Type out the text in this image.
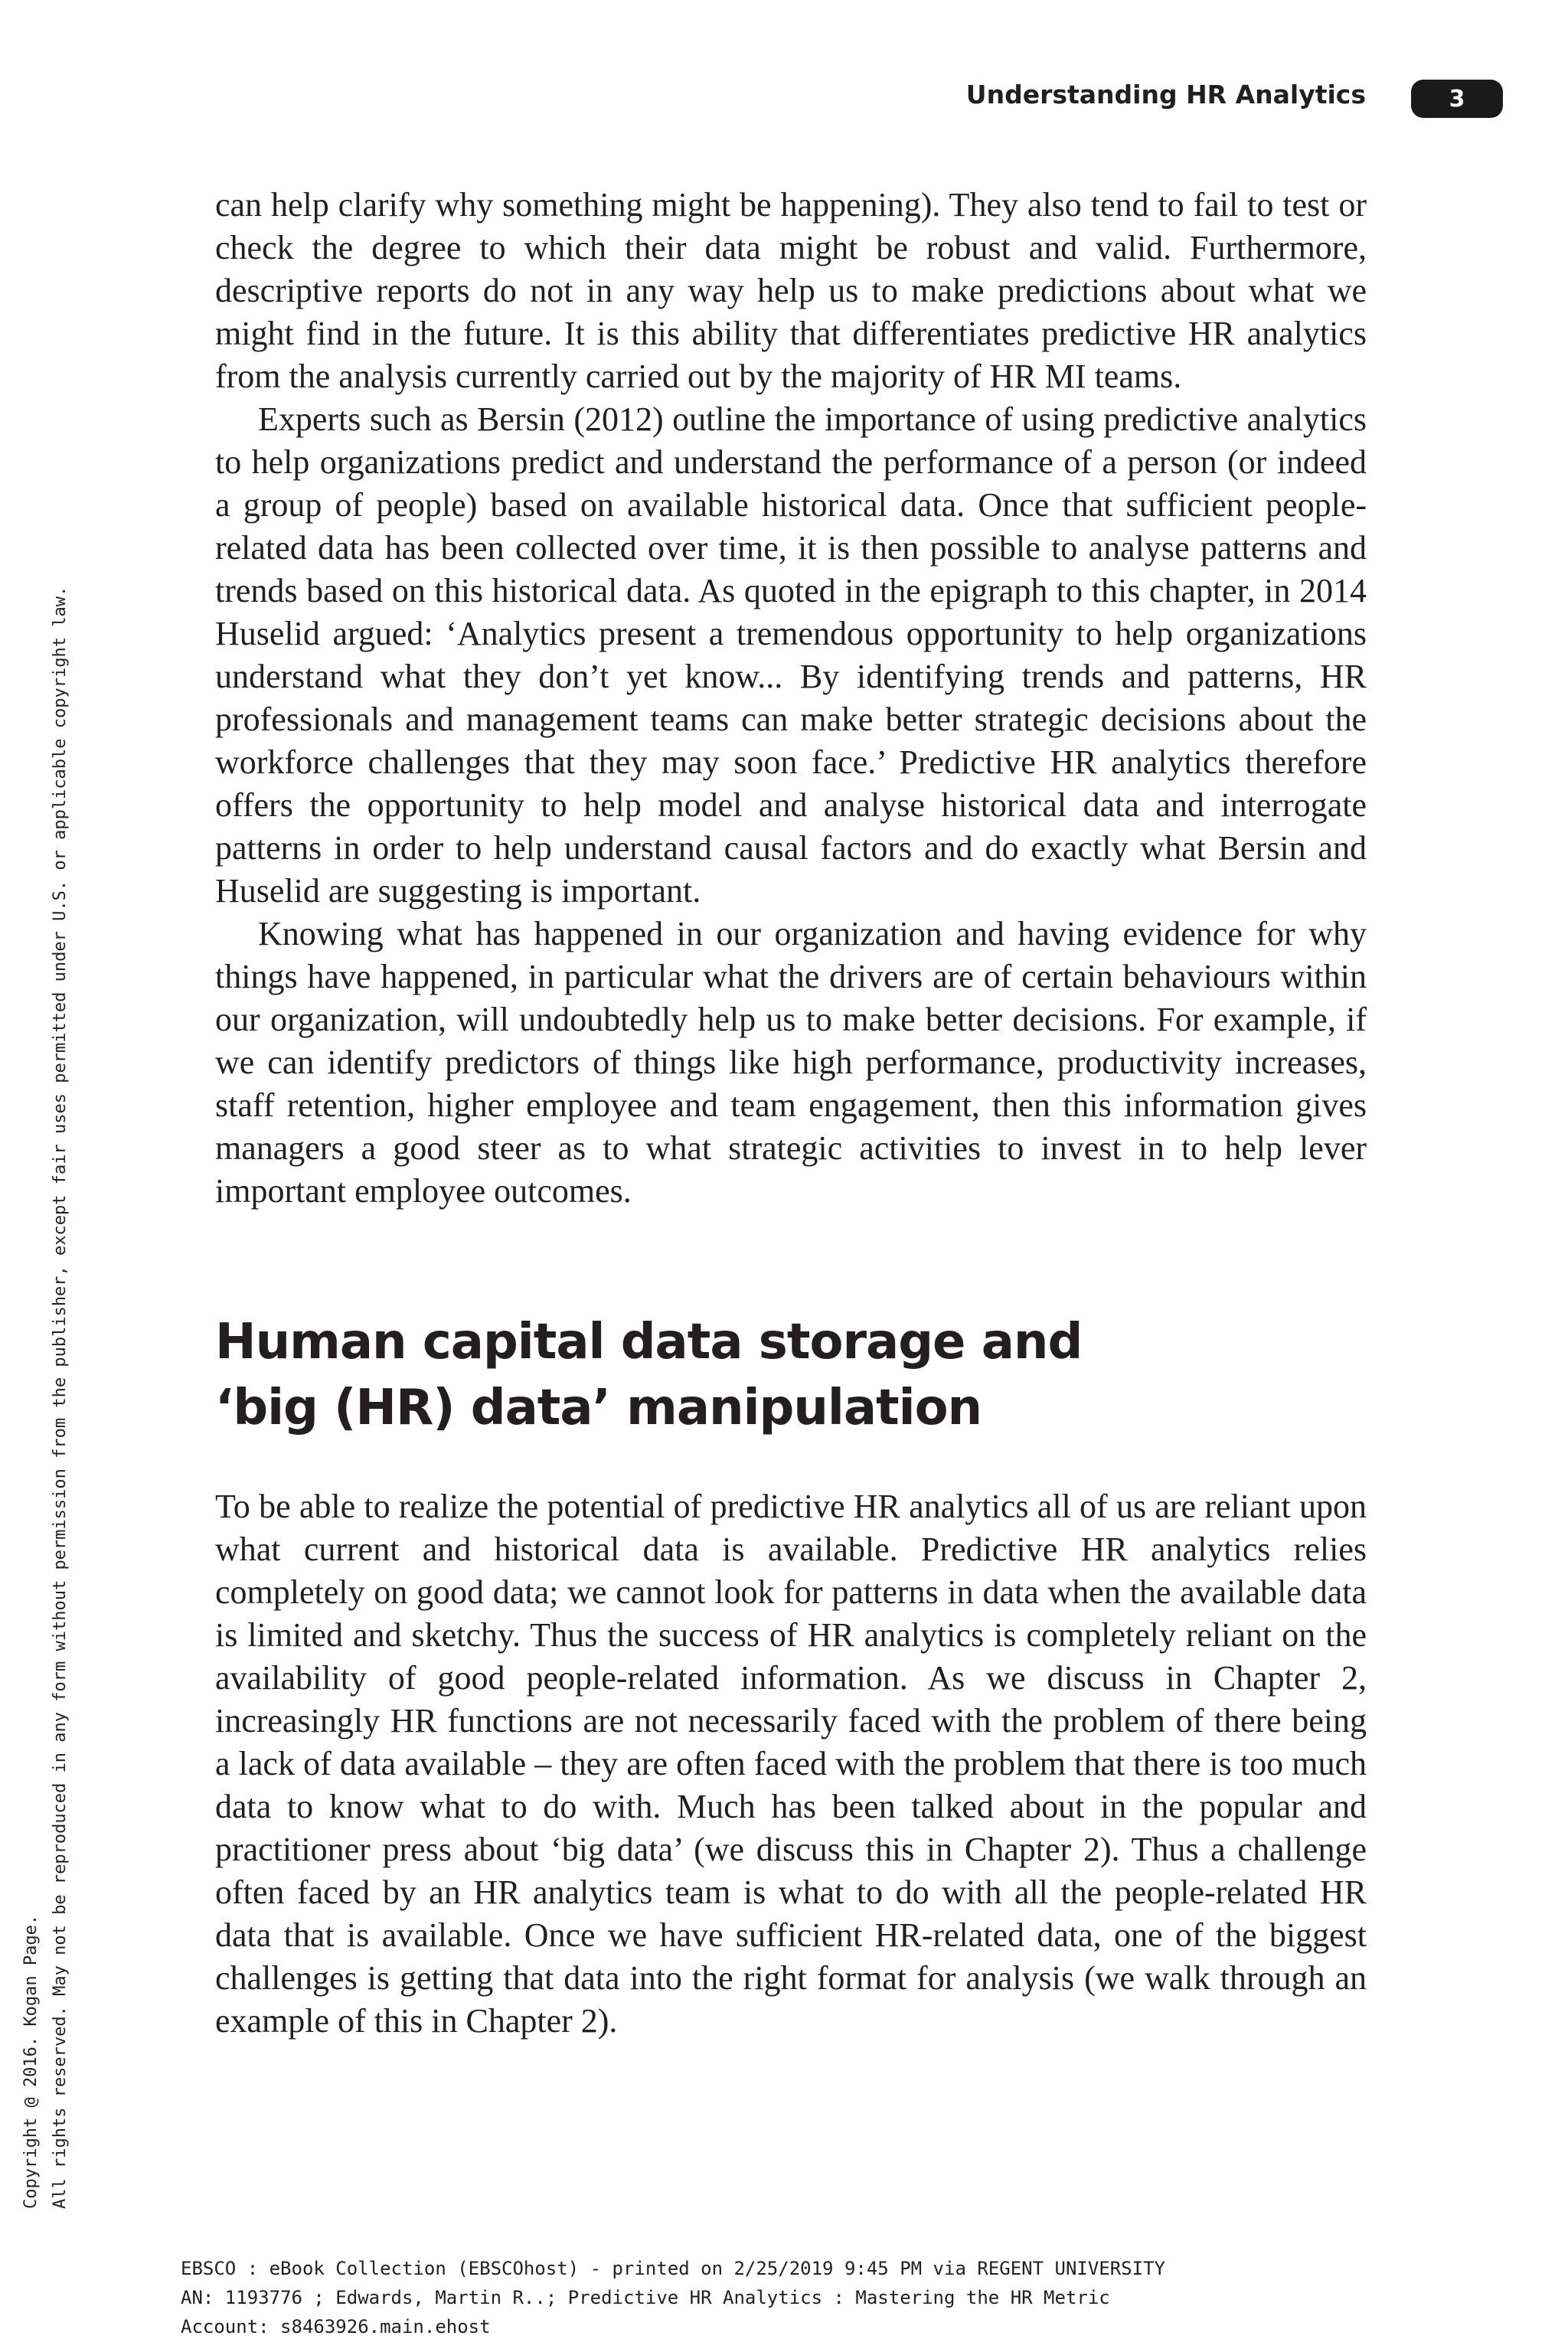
Understanding HR Analytics	3
Copyright @ 2016. Kogan Page. All rights reserved. May not be reproduced in any form without permission from the publisher, except fair uses permitted under U.S. or applicable copyright law.

can help clarify why something might be happening). They also tend to fail to test or check the degree to which their data might be robust and valid. Furthermore, descriptive reports do not in any way help us to make predictions about what we might find in the future. It is this ability that differentiates predictive HR analytics from the analysis currently carried out by the majority of HR MI teams.

Experts such as Bersin (2012) outline the importance of using predictive analytics to help organizations predict and understand the performance of a person (or indeed a group of people) based on available historical data. Once that sufficient people-related data has been collected over time, it is then possible to analyse patterns and trends based on this historical data. As quoted in the epigraph to this chapter, in 2014 Huselid argued: ‘Analytics present a tremendous opportunity to help organizations understand what they don’t yet know... By identifying trends and patterns, HR professionals and management teams can make better strategic decisions about the workforce challenges that they may soon face.’ Predictive HR analytics therefore offers the opportunity to help model and analyse historical data and interrogate patterns in order to help understand causal factors and do exactly what Bersin and Huselid are suggesting is important.

Knowing what has happened in our organization and having evidence for why things have happened, in particular what the drivers are of certain behaviours within our organization, will undoubtedly help us to make better decisions. For example, if we can identify predictors of things like high performance, productivity increases, staff retention, higher employee and team engagement, then this information gives managers a good steer as to what strategic activities to invest in to help lever important employee outcomes.

Human capital data storage and
‘big (HR) data’ manipulation

To be able to realize the potential of predictive HR analytics all of us are reliant upon what current and historical data is available. Predictive HR analytics relies completely on good data; we cannot look for patterns in data when the available data is limited and sketchy. Thus the success of HR analytics is completely reliant on the availability of good people-related information. As we discuss in Chapter 2, increasingly HR functions are not necessarily faced with the problem of there being a lack of data available – they are often faced with the problem that there is too much data to know what to do with. Much has been talked about in the popular and practitioner press about ‘big data’ (we discuss this in Chapter 2). Thus a challenge often faced by an HR analytics team is what to do with all the people-related HR data that is available. Once we have sufficient HR-related data, one of the biggest challenges is getting that data into the right format for analysis (we walk through an example of this in Chapter 2).

EBSCO : eBook Collection (EBSCOhost) - printed on 2/25/2019 9:45 PM via REGENT UNIVERSITY
AN: 1193776 ; Edwards, Martin R..; Predictive HR Analytics : Mastering the HR Metric
Account: s8463926.main.ehost
